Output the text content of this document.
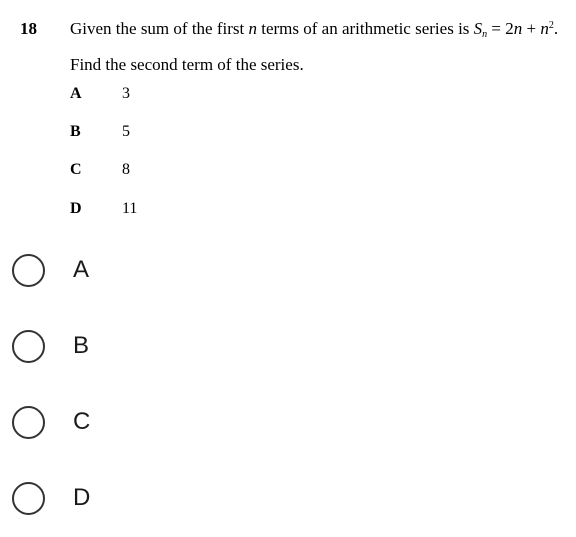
18 Given the sum of the first n terms of an arithmetic series is $S_n = 2n + n^2$.
Find the second term of the series.
A	3
B	5
C	8
D	11
A
B
C
D
